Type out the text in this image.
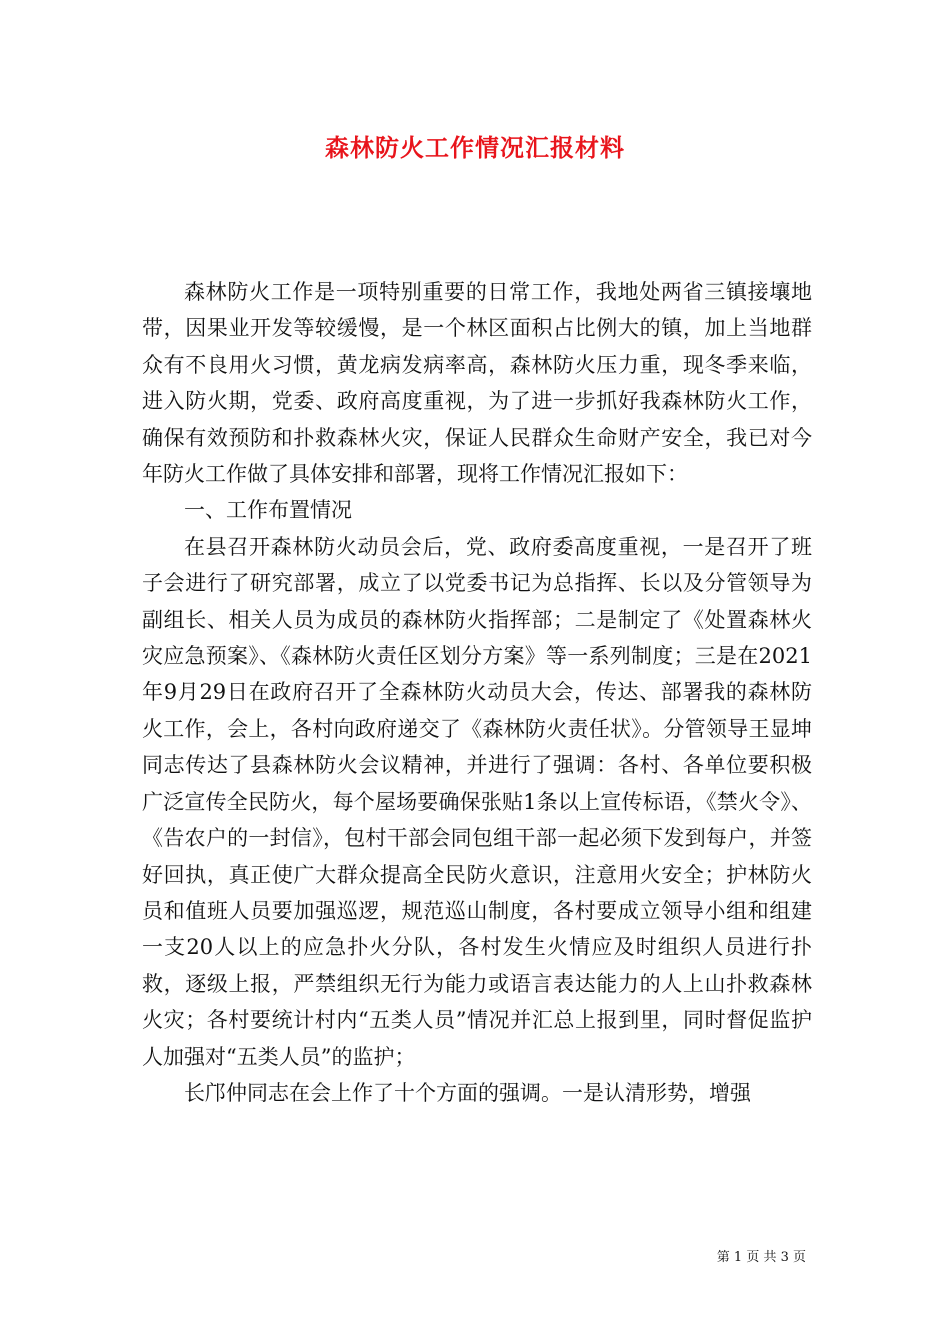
森林防火工作情况汇报材料

森林防火工作是一项特别重要的日常工作，我地处两省三镇接壤地带，因果业开发等较缓慢，是一个林区面积占比例大的镇，加上当地群众有不良用火习惯，黄龙病发病率高，森林防火压力重，现冬季来临，进入防火期，党委、政府高度重视，为了进一步抓好我森林防火工作，确保有效预防和扑救森林火灾，保证人民群众生命财产安全，我已对今年防火工作做了具体安排和部署，现将工作情况汇报如下：

一、工作布置情况

在县召开森林防火动员会后，党、政府委高度重视，一是召开了班子会进行了研究部署，成立了以党委书记为总指挥、长以及分管领导为副组长、相关人员为成员的森林防火指挥部；二是制定了《处置森林火灾应急预案》、《森林防火责任区划分方案》等一系列制度；三是在2021年9月29日在政府召开了全森林防火动员大会，传达、部署我的森林防火工作，会上，各村向政府递交了《森林防火责任状》。分管领导王显坤同志传达了县森林防火会议精神，并进行了强调：各村、各单位要积极广泛宣传全民防火，每个屋场要确保张贴1条以上宣传标语，《禁火令》、《告农户的一封信》，包村干部会同包组干部一起必须下发到每户，并签好回执，真正使广大群众提高全民防火意识，注意用火安全；护林防火员和值班人员要加强巡逻，规范巡山制度，各村要成立领导小组和组建一支20人以上的应急扑火分队，各村发生火情应及时组织人员进行扑救，逐级上报，严禁组织无行为能力或语言表达能力的人上山扑救森林火灾；各村要统计村内“五类人员”情况并汇总上报到里，同时督促监护人加强对“五类人员”的监护；

长邝仲同志在会上作了十个方面的强调。一是认清形势，增强

第 1 页 共 3 页
